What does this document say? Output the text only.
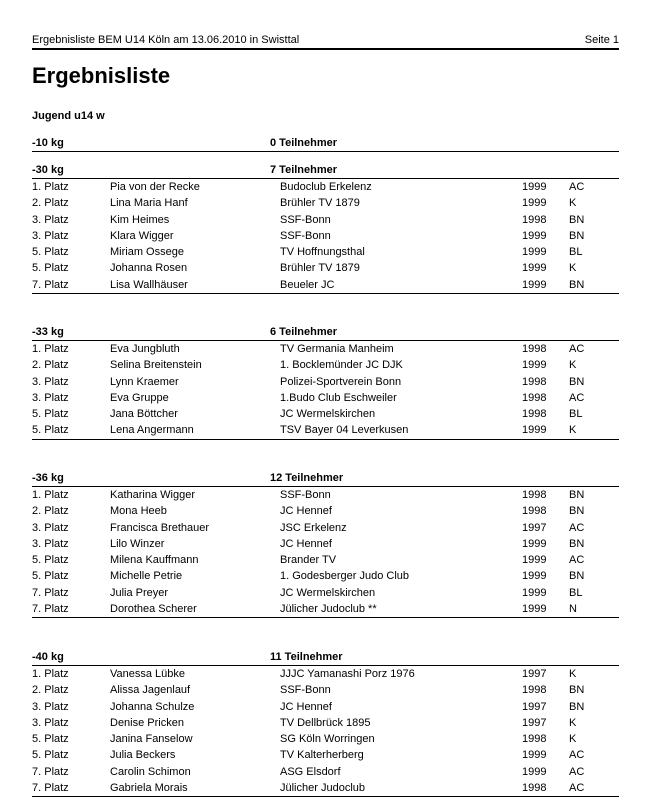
Ergebnisliste BEM U14 Köln am 13.06.2010 in Swisttal	Seite 1
Ergebnisliste
Jugend u14 w
-10 kg	0 Teilnehmer
-30 kg	7 Teilnehmer
1. Platz	Pia von der Recke	Budoclub Erkelenz	1999 AC
2. Platz	Lina Maria Hanf	Brühler TV 1879	1999 K
3. Platz	Kim Heimes	SSF-Bonn	1998 BN
3. Platz	Klara Wigger	SSF-Bonn	1999 BN
5. Platz	Miriam Ossege	TV Hoffnungsthal	1999 BL
5. Platz	Johanna Rosen	Brühler TV 1879	1999 K
7. Platz	Lisa Wallhäuser	Beueler JC	1999 BN
-33 kg	6 Teilnehmer
1. Platz	Eva Jungbluth	TV Germania Manheim	1998 AC
2. Platz	Selina Breitenstein	1. Bocklemünder JC DJK	1999 K
3. Platz	Lynn Kraemer	Polizei-Sportverein Bonn	1998 BN
3. Platz	Eva Gruppe	1.Budo Club Eschweiler	1998 AC
5. Platz	Jana Böttcher	JC Wermelskirchen	1998 BL
5. Platz	Lena Angermann	TSV Bayer 04 Leverkusen	1999 K
-36 kg	12 Teilnehmer
1. Platz	Katharina Wigger	SSF-Bonn	1998 BN
2. Platz	Mona Heeb	JC Hennef	1998 BN
3. Platz	Francisca Brethauer	JSC Erkelenz	1997 AC
3. Platz	Lilo Winzer	JC Hennef	1999 BN
5. Platz	Milena Kauffmann	Brander TV	1999 AC
5. Platz	Michelle Petrie	1. Godesberger Judo Club	1999 BN
7. Platz	Julia Preyer	JC Wermelskirchen	1999 BL
7. Platz	Dorothea Scherer	Jülicher Judoclub **	1999 N
-40 kg	11 Teilnehmer
1. Platz	Vanessa Lübke	JJJC Yamanashi Porz 1976	1997 K
2. Platz	Alissa Jagenlauf	SSF-Bonn	1998 BN
3. Platz	Johanna Schulze	JC Hennef	1997 BN
3. Platz	Denise Pricken	TV Dellbrück 1895	1997 K
5. Platz	Janina Fanselow	SG Köln Worringen	1998 K
5. Platz	Julia Beckers	TV Kalterherberg	1999 AC
7. Platz	Carolin Schimon	ASG Elsdorf	1999 AC
7. Platz	Gabriela Morais	Jülicher Judoclub	1998 AC
